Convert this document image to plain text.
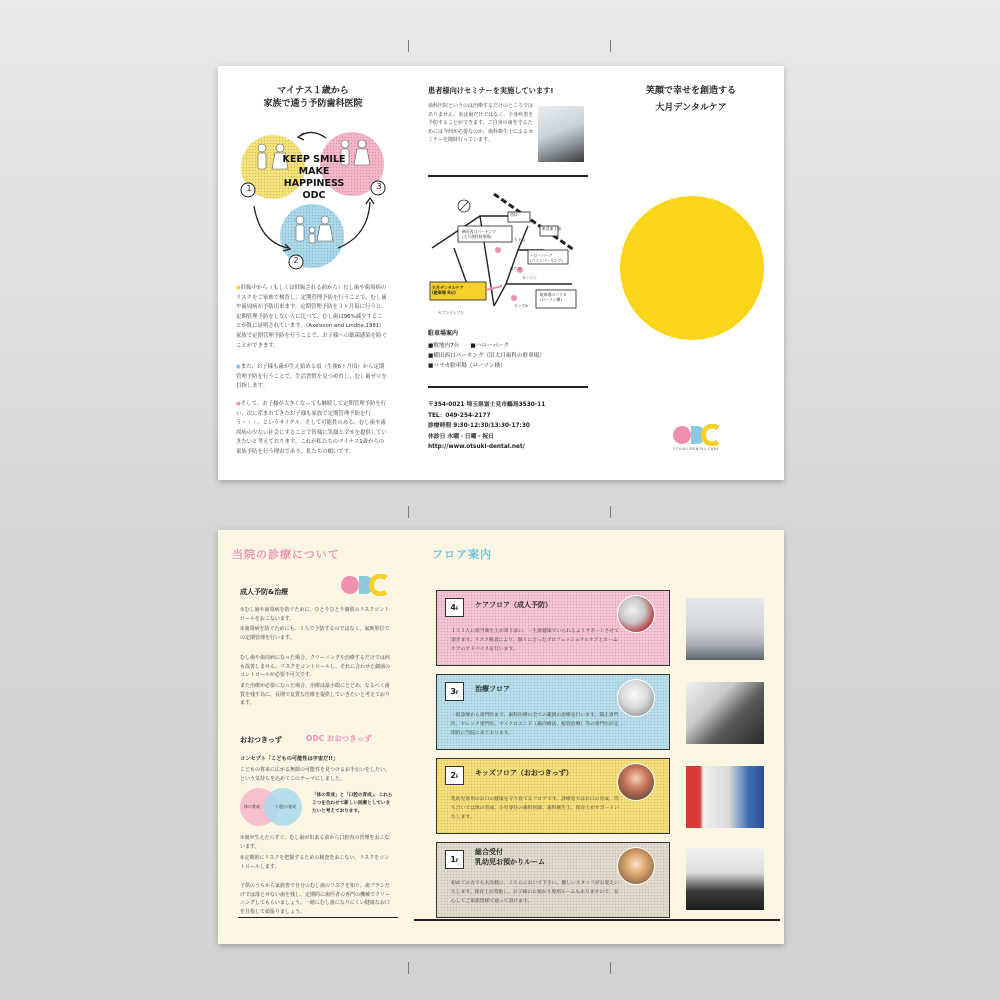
マイナス１歳から
家族で通う予防歯科医院
1	3
2
KEEP SMILE
MAKE
HAPPINESS
ODC
●妊娠中から（もしくは妊娠される前から）むし歯や歯周病のリスクをご家族で検査し、定期管理予防を行うことで、むし歯や歯周病が予防出来ます。定期管理予防を３ヶ月毎に行うと、定期管理予防をしない人に比べて、むし歯は96%減少することが既に証明されています。（Axelsson and Lindhe,1981）家族で定期管理予防を行うことで、お子様への細菌感染を防ぐことができます。
●また、お子様も歯が生え始める頃（生後6ヶ月頃）から定期管理予防を行うことで、生活習慣を見つめ直し、むし歯ゼロを目指します。
●そして、お子様が大きくなっても継続して定期管理予防を行い、次に産まれてきたお子様も家族で定期管理予防を行う・・・、というサイクル。そして可能性のある、むし歯や歯周病の少ない社会にすることで皆様に笑顔と幸せを提供していきたいと考えております。これが私たちのマイナス1歳からの家族予防を行う理由であり、私たちの願いです。
患者様向けセミナーを実施しています!
歯科医院というのは治療するだけのところではありません。実は歯だけではなく、全身疾患を予防することができます。ご自身の歯を守るためには今何が必要なのか。歯科衛生士によるセミナーを随時行っています。
横田西口パーキング
(大月歯科駐車場)
西口
東武東上線
ハローパーク
(コインパーキング)
りそな
はちや
ローソン
大月デンタルケア
(駐車場 8台)	駐車場のバラカ
(ローソン横)
ビッグA
セブンイレブン
駐車場案内
■敷地内7台　　■ハローパーク
■横田西口パーキング（旧大月歯科の駐車場）
■バラカ駐車場（ローソン横）
〒354-0021 埼玉県富士見市鶴馬3530-11
TEL：049-254-2177
診療時間 9:30-12:30/13:30-17:30
休診日 水曜・日曜・祝日
http://www.otsuki-dental.net/
笑顔で幸せを創造する
大月デンタルケア
OTSUKI DENTAL CARE
当院の診療について
成人予防&治療
①むし歯や歯周病を防ぐために、ひとりひとり個別のリスクコントロールをおこないます。
②歯周病を防ぐためにも、１人で予防するのではなく、家族単位での定期管理を行います。
むし歯や歯周病になった場合、クリーニングや治療するだけでは何も改善しません。リスクをコントロールし、それに合わせた細菌のコントロールが必要不可欠です。
また治療が必要になった場合、治療は最小限にとどめ、なるべく歯質を残す為に、長期で良質な医療を提供していきたいと考えております。
おおつきっず	ODC おおつきっず
コンセプト「こどもの可能性は宇宙だ!!」
こどもの将来に広がる無限の可能性を見つけるお手伝いをしたい。という気持ちを込めてこのテーマにしました。
体の育成	口腔の育成
「体の育成」と「口腔の育成」、これら２つを合わせて新しい医療としていきたいと考えております。
①歯が生えたらすぐ、むし歯が出来る前から口腔内の管理をおこないます。
②定期的にリスクを把握するための検査をおこない、リスクをコントロールします。
子供のうちから家族皆で自分のむし歯のリスクを知り、歯ブラシだけでは落とせない歯を残し、定期的に歯医者の専門の機械でクリーニングしてもらいましょう。一緒にむし歯になりにくい健康なお口を目指して頑張りましょう。
フロア案内
4F	ケアフロア（成人予防）
１人１人に担当衛生士が寄り添い、一生涯健康でいられるようサポートさせて頂きます。リスク検査により、個々に合ったプロフェッショナルケアとホームケアのアドバイスを行います。
3F	治療フロア
一般診療から専門医まで、歯科医療の全ての範囲の治療を行います。矯正専門医、セレック専門医、マイクロエンド（歯内療法、根管治療）等の専門医が定期的に当院に来ております。
2F	キッズフロア（おおつきっず）
乳幼児専用のお口の健康を守り育てるフロアです。診療室ではお口の育成、待ち合いでは体の育成。小児専任の歯科医師、歯科衛生士、保育士がサポートいたします。
1F
総合受付
乳幼児お預かりルーム
初めての方でも丸気軽に、こちらにおいで下さい。優しいスタッフがお迎えいたします。保育士が常駐し、お子様のお預かり専用ルームもありますので、安心してご家族皆様で通って頂けます。
